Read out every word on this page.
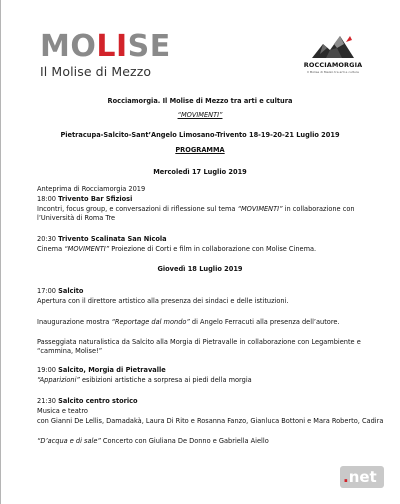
MOLISE
Il Molise di Mezzo	ROCCIAMORGIA
Il Molise di Mezzo tra arti e cultura
Rocciamorgia. Il Molise di Mezzo tra arti e cultura
“MOVIMENTI”
Pietracupa-Salcito-Sant’Angelo Limosano-Trivento 18-19-20-21 Luglio 2019
PROGRAMMA
Mercoledì 17 Luglio 2019
Anteprima di Rocciamorgia 2019
18:00 Trivento Bar Sfiziosi
Incontri, focus group, e conversazioni di riflessione sul tema “MOVIMENTI” in collaborazione con
l’Università di Roma Tre
20:30 Trivento Scalinata San Nicola
Cinema “MOVIMENTI” Proiezione di Corti e film in collaborazione con Molise Cinema.
Giovedì 18 Luglio 2019
17:00 Salcito
Apertura con il direttore artistico alla presenza dei sindaci e delle istituzioni.
Inaugurazione mostra “Reportage dal mondo” di Angelo Ferracuti alla presenza dell’autore.
Passeggiata naturalistica da Salcito alla Morgia di Pietravalle in collaborazione con Legambiente e
“cammina, Molise!”
19:00 Salcito, Morgia di Pietravalle
“Apparizioni” esibizioni artistiche a sorpresa ai piedi della morgia
21:30 Salcito centro storico
Musica e teatro
con Gianni De Lellis, Damadakà, Laura Di Rito e Rosanna Fanzo, Gianluca Bottoni e Mara Roberto, Cadira
“D’acqua e di sale” Concerto con Giuliana De Donno e Gabriella Aiello
.net
